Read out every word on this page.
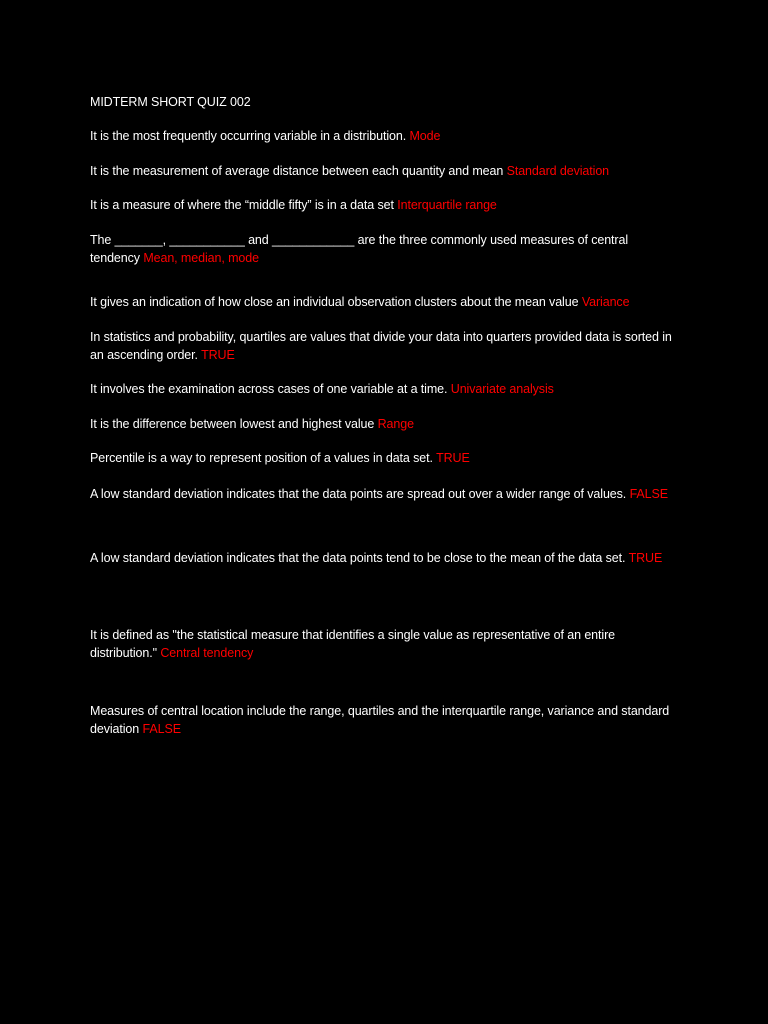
MIDTERM SHORT QUIZ 002

It is the most frequently occurring variable in a distribution. Mode

It is the measurement of average distance between each quantity and mean Standard deviation

It is a measure of where the “middle fifty” is in a data set Interquartile range

The _______, ___________ and ____________ are the three commonly used measures of central tendency Mean, median, mode

It gives an indication of how close an individual observation clusters about the mean value Variance

In statistics and probability, quartiles are values that divide your data into quarters provided data is sorted in an ascending order. TRUE

It involves the examination across cases of one variable at a time. Univariate analysis

It is the difference between lowest and highest value Range

Percentile is a way to represent position of a values in data set. TRUE

A low standard deviation indicates that the data points are spread out over a wider range of values. FALSE

A low standard deviation indicates that the data points tend to be close to the mean of the data set. TRUE

It is defined as "the statistical measure that identifies a single value as representative of an entire distribution." Central tendency

Measures of central location include the range, quartiles and the interquartile range, variance and standard deviation FALSE
